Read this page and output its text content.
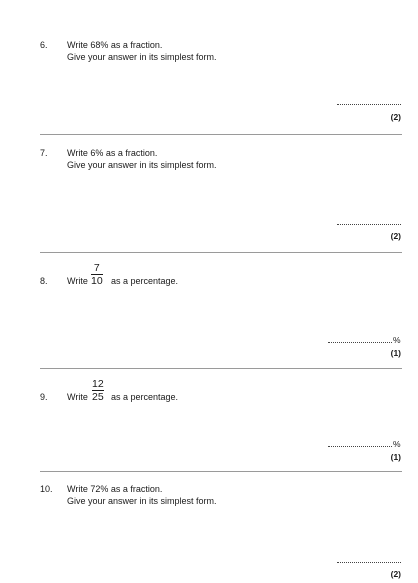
6. Write 68% as a fraction.
Give your answer in its simplest form.
(2)
7. Write 6% as a fraction.
Give your answer in its simplest form.
(2)
8. Write
7
10 as a percentage.
%
(1)
9. Write
12
25 as a percentage.
%
(1)
10. Write 72% as a fraction.
Give your answer in its simplest form.
(2)
